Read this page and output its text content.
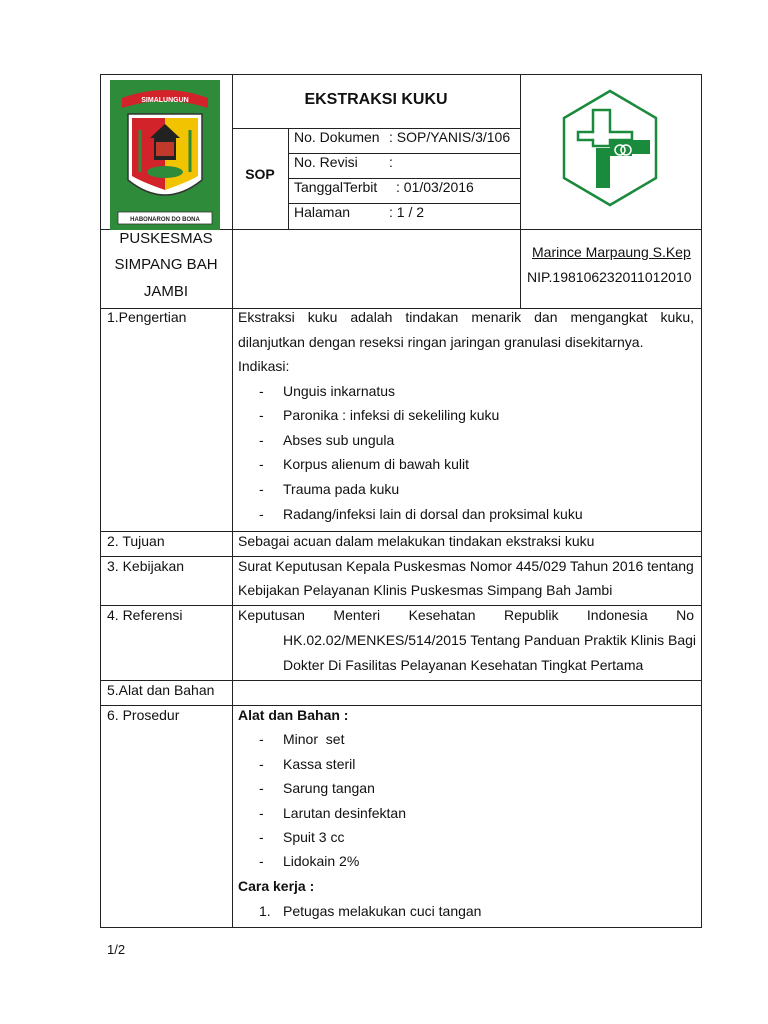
SIMALUNGUN
HABONARON DO BONA
EKSTRAKSI KUKU
SOP
No. Dokumen : SOP/YANIS/3/106
No. Revisi :
TanggalTerbit : 01/03/2016
Halaman	: 1 / 2
PUSKESMAS
SIMPANG BAH
JAMBI
Marince Marpaung S.Kep
NIP.198106232011012010
1.Pengertian	Ekstraksi kuku adalah tindakan menarik dan mengangkat kuku,
dilanjutkan dengan reseksi ringan jaringan granulasi disekitarnya.
Indikasi:
- Unguis inkarnatus
- Paronika : infeksi di sekeliling kuku
- Abses sub ungula
- Korpus alienum di bawah kulit
- Trauma pada kuku
- Radang/infeksi lain di dorsal dan proksimal kuku
2. Tujuan	Sebagai acuan dalam melakukan tindakan ekstraksi kuku
3. Kebijakan	Surat Keputusan Kepala Puskesmas Nomor 445/029 Tahun 2016 tentang
Kebijakan Pelayanan Klinis Puskesmas Simpang Bah Jambi
4. Referensi	Keputusan Menteri Kesehatan Republik Indonesia No
HK.02.02/MENKES/514/2015 Tentang Panduan Praktik Klinis Bagi
Dokter Di Fasilitas Pelayanan Kesehatan Tingkat Pertama
5.Alat dan Bahan
6. Prosedur	Alat dan Bahan :
- Minor  set
- Kassa steril
- Sarung tangan
- Larutan desinfektan
- Spuit 3 cc
- Lidokain 2%
Cara kerja :
1. Petugas melakukan cuci tangan
1/2
